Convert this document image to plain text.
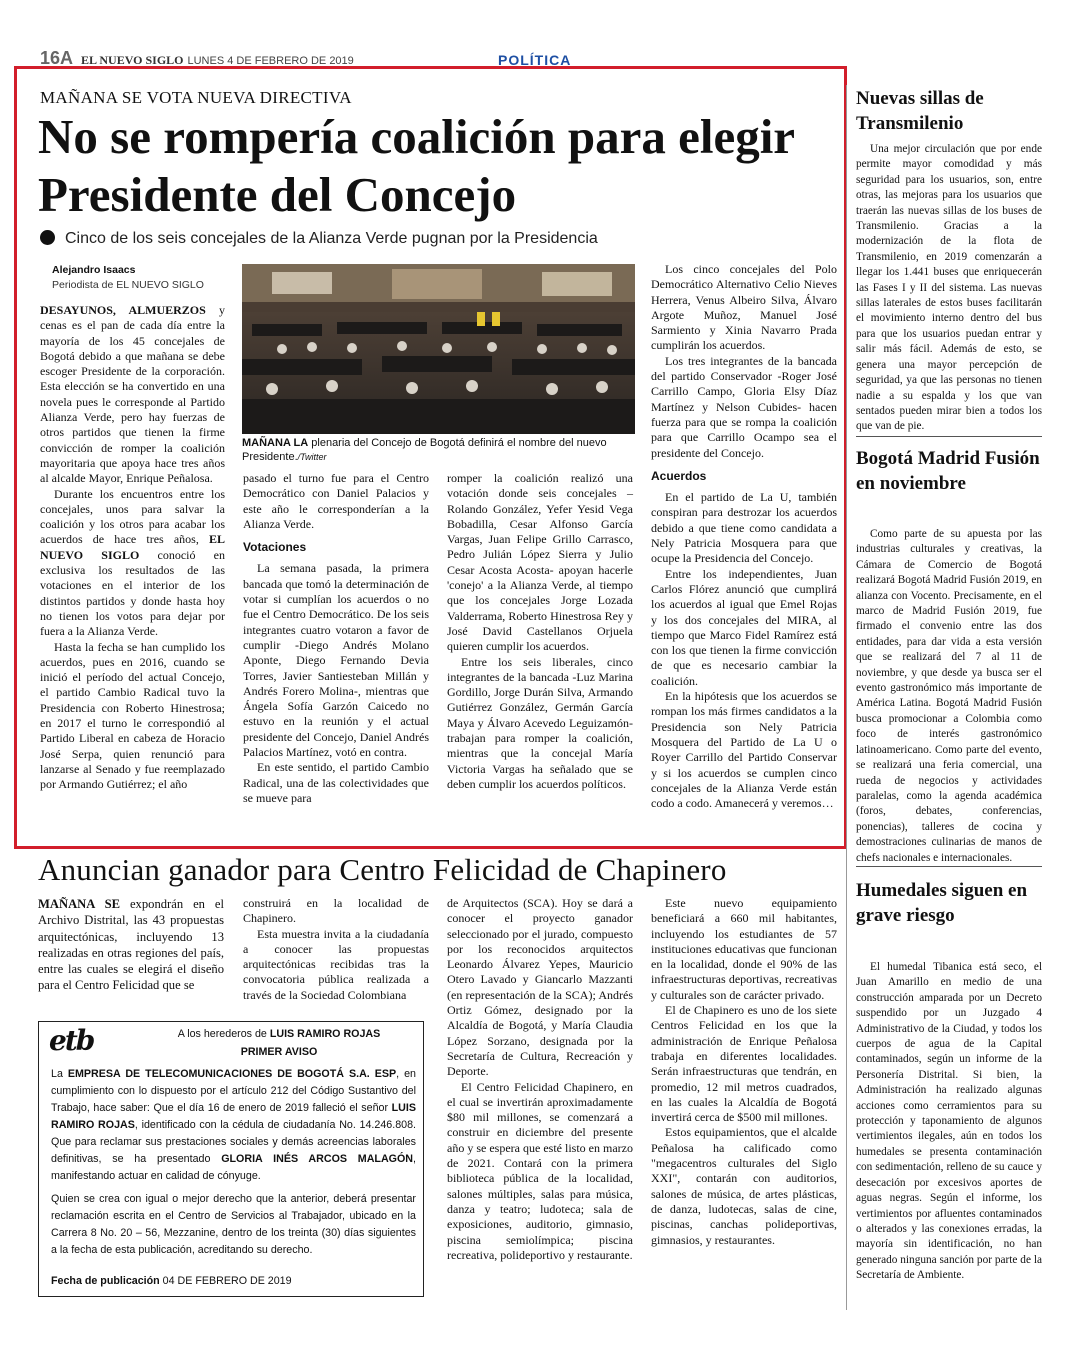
16A EL NUEVO SIGLO LUNES 4 DE FEBRERO DE 2019	POLÍTICA
MAÑANA SE VOTA NUEVA DIRECTIVA
No se rompería coalición para elegir Presidente del Concejo
Cinco de los seis concejales de la Alianza Verde pugnan por la Presidencia
Alejandro Isaacs
Periodista de EL NUEVO SIGLO

DESAYUNOS, ALMUERZOS y cenas es el pan de cada día entre la mayoría de los 45 concejales de Bogotá debido a que mañana se debe escoger Presidente de la corporación. Esta elección se ha convertido en una novela pues le corresponde al Partido Alianza Verde, pero hay fuerzas de otros partidos que tienen la firme convicción de romper la coalición mayoritaria que apoya hace tres años al alcalde Mayor, Enrique Peñalosa.

Durante los encuentros entre los concejales, unos para salvar la coalición y los otros para acabar los acuerdos de hace tres años, EL NUEVO SIGLO conoció en exclusiva los resultados de las votaciones en el interior de los distintos partidos y donde hasta hoy no tienen los votos para dejar por fuera a la Alianza Verde.

Hasta la fecha se han cumplido los acuerdos, pues en 2016, cuando se inició el período del actual Concejo, el partido Cambio Radical tuvo la Presidencia con Roberto Hinestrosa; en 2017 el turno le correspondió al Partido Liberal en cabeza de Horacio José Serpa, quien renunció para lanzarse al Senado y fue reemplazado por Armando Gutiérrez; el año

MAÑANA LA plenaria del Concejo de Bogotá definirá el nombre del nuevo Presidente./Twitter

pasado el turno fue para el Centro Democrático con Daniel Palacios y este año le corresponderían a la Alianza Verde.

Votaciones

La semana pasada, la primera bancada que tomó la determinación de votar si cumplían los acuerdos o no fue el Centro Democrático. De los seis integrantes cuatro votaron a favor de cumplir -Diego Andrés Molano Aponte, Diego Fernando Devia Torres, Javier Santiesteban Millán y Andrés Forero Molina-, mientras que Ángela Sofía Garzón Caicedo no estuvo en la reunión y el actual presidente del Concejo, Daniel Andrés Palacios Martínez, votó en contra.

En este sentido, el partido Cambio Radical, una de las colectividades que se mueve para

romper la coalición realizó una votación donde seis concejales – Rolando González, Yefer Yesid Vega Bobadilla, Cesar Alfonso García Vargas, Juan Felipe Grillo Carrasco, Pedro Julián López Sierra y Julio Cesar Acosta Acosta- apoyan hacerle 'conejo' a la Alianza Verde, al tiempo que los concejales Jorge Lozada Valderrama, Roberto Hinestrosa Rey y José David Castellanos Orjuela quieren cumplir los acuerdos.

Entre los seis liberales, cinco integrantes de la bancada -Luz Marina Gordillo, Jorge Durán Silva, Armando Gutiérrez González, Germán García Maya y Álvaro Acevedo Leguizamón- trabajan para romper la coalición, mientras que la concejal María Victoria Vargas ha señalado que se deben cumplir los acuerdos políticos.

Los cinco concejales del Polo Democrático Alternativo Celio Nieves Herrera, Venus Albeiro Silva, Álvaro Argote Muñoz, Manuel José Sarmiento y Xinia Navarro Prada cumplirán los acuerdos.

Los tres integrantes de la bancada del partido Conservador -Roger José Carrillo Campo, Gloria Elsy Díaz Martínez y Nelson Cubides- hacen fuerza para que se rompa la coalición para que Carrillo Ocampo sea el presidente del Concejo.

Acuerdos

En el partido de La U, también conspiran para destrozar los acuerdos debido a que tiene como candidata a Nely Patricia Mosquera para que ocupe la Presidencia del Concejo.

Entre los independientes, Juan Carlos Flórez anunció que cumplirá los acuerdos al igual que Emel Rojas y los dos concejales del MIRA, al tiempo que Marco Fidel Ramírez está con los que tienen la firme convicción de que es necesario cambiar la coalición.

En la hipótesis que los acuerdos se rompan los más firmes candidatos a la Presidencia son Nely Patricia Mosquera del Partido de La U o Royer Carrillo del Partido Conservar y si los acuerdos se cumplen cinco concejales de la Alianza Verde están codo a codo. Amanecerá y veremos…

Anuncian ganador para Centro Felicidad de Chapinero

MAÑANA SE expondrán en el Archivo Distrital, las 43 propuestas arquitectónicas, incluyendo 13 realizadas en otras regiones del país, entre las cuales se elegirá el diseño para el Centro Felicidad que se

construirá en la localidad de Chapinero.

Esta muestra invita a la ciudadanía a conocer las propuestas arquitectónicas recibidas tras la convocatoria pública realizada a través de la Sociedad Colombiana

de Arquitectos (SCA). Hoy se dará a conocer el proyecto ganador seleccionado por el jurado, compuesto por los reconocidos arquitectos Leonardo Álvarez Yepes, Mauricio Otero Lavado y Giancarlo Mazzanti (en representación de la SCA); Andrés Ortiz Gómez, designado por la Alcaldía de Bogotá, y María Claudia López Sorzano, designada por la Secretaría de Cultura, Recreación y Deporte.

El Centro Felicidad Chapinero, en el cual se invertirán aproximadamente $80 mil millones, se comenzará a construir en diciembre del presente año y se espera que esté listo en marzo de 2021. Contará con la primera biblioteca pública de la localidad, salones múltiples, salas para música, danza y teatro; ludoteca; sala de exposiciones, auditorio, gimnasio, piscina semiolímpica; piscina recreativa, polideportivo y restaurante.

Este nuevo equipamiento beneficiará a 660 mil habitantes, incluyendo los estudiantes de 57 instituciones educativas que funcionan en la localidad, donde el 90% de las infraestructuras deportivas, recreativas y culturales son de carácter privado.

El de Chapinero es uno de los siete Centros Felicidad en los que la administración de Enrique Peñalosa trabaja en diferentes localidades. Serán infraestructuras que tendrán, en promedio, 12 mil metros cuadrados, en las cuales la Alcaldía de Bogotá invertirá cerca de $500 mil millones.

Estos equipamientos, que el alcalde Peñalosa ha calificado como "megacentros culturales del Siglo XXI", contarán con auditorios, salones de música, de artes plásticas, de danza, ludotecas, salas de cine, piscinas, canchas polideportivas, gimnasios, y restaurantes.

etb	A los herederos de LUIS RAMIRO ROJAS
PRIMER AVISO

La EMPRESA DE TELECOMUNICACIONES DE BOGOTÁ S.A. ESP, en cumplimiento con lo dispuesto por el artículo 212 del Código Sustantivo del Trabajo, hace saber: Que el día 16 de enero de 2019 falleció el señor LUIS RAMIRO ROJAS, identificado con la cédula de ciudadanía No. 14.246.808. Que para reclamar sus prestaciones sociales y demás acreencias laborales definitivas, se ha presentado GLORIA INÉS ARCOS MALAGÓN, manifestando actuar en calidad de cónyuge.

Quien se crea con igual o mejor derecho que la anterior, deberá presentar reclamación escrita en el Centro de Servicios al Trabajador, ubicado en la Carrera 8 No. 20 – 56, Mezzanine, dentro de los treinta (30) días siguientes a la fecha de esta publicación, acreditando su derecho.

Fecha de publicación 04 DE FEBRERO DE 2019
Nuevas sillas de Transmilenio

Una mejor circulación que por ende permite mayor comodidad y más seguridad para los usuarios, son, entre otras, las mejoras para los usuarios que traerán las nuevas sillas de los buses de Transmilenio. Gracias a la modernización de la flota de Transmilenio, en 2019 comenzarán a llegar los 1.441 buses que enriquecerán las Fases I y II del sistema. Las nuevas sillas laterales de estos buses facilitarán el movimiento interno dentro del bus para que los usuarios puedan entrar y salir más fácil. Además de esto, se genera una mayor percepción de seguridad, ya que las personas no tienen nadie a su espalda y los que van sentados pueden mirar bien a todos los que van de pie.

Bogotá Madrid Fusión en noviembre

Como parte de su apuesta por las industrias culturales y creativas, la Cámara de Comercio de Bogotá realizará Bogotá Madrid Fusión 2019, en alianza con Vocento. Precisamente, en el marco de Madrid Fusión 2019, fue firmado el convenio entre las dos entidades, para dar vida a esta versión que se realizará del 7 al 11 de noviembre, y que desde ya busca ser el evento gastronómico más importante de América Latina. Bogotá Madrid Fusión busca promocionar a Colombia como foco de interés gastronómico latinoamericano. Como parte del evento, se realizará una feria comercial, una rueda de negocios y actividades paralelas, como la agenda académica (foros, debates, conferencias, ponencias), talleres de cocina y demostraciones culinarias de manos de chefs nacionales e internacionales.

Humedales siguen en grave riesgo

El humedal Tibanica está seco, el Juan Amarillo en medio de una construcción amparada por un Decreto suspendido por un Juzgado 4 Administrativo de la Ciudad, y todos los cuerpos de agua de la Capital contaminados, según un informe de la Personería Distrital. Si bien, la Administración ha realizado algunas acciones como cerramientos para su protección y taponamiento de algunos vertimientos ilegales, aún en todos los humedales se presenta contaminación con sedimentación, relleno de su cauce y desecación por excesivos aportes de aguas negras. Según el informe, los vertimientos por afluentes contaminados o alterados y las conexiones erradas, la mayoría sin identificación, no han generado ninguna sanción por parte de la Secretaría de Ambiente.
